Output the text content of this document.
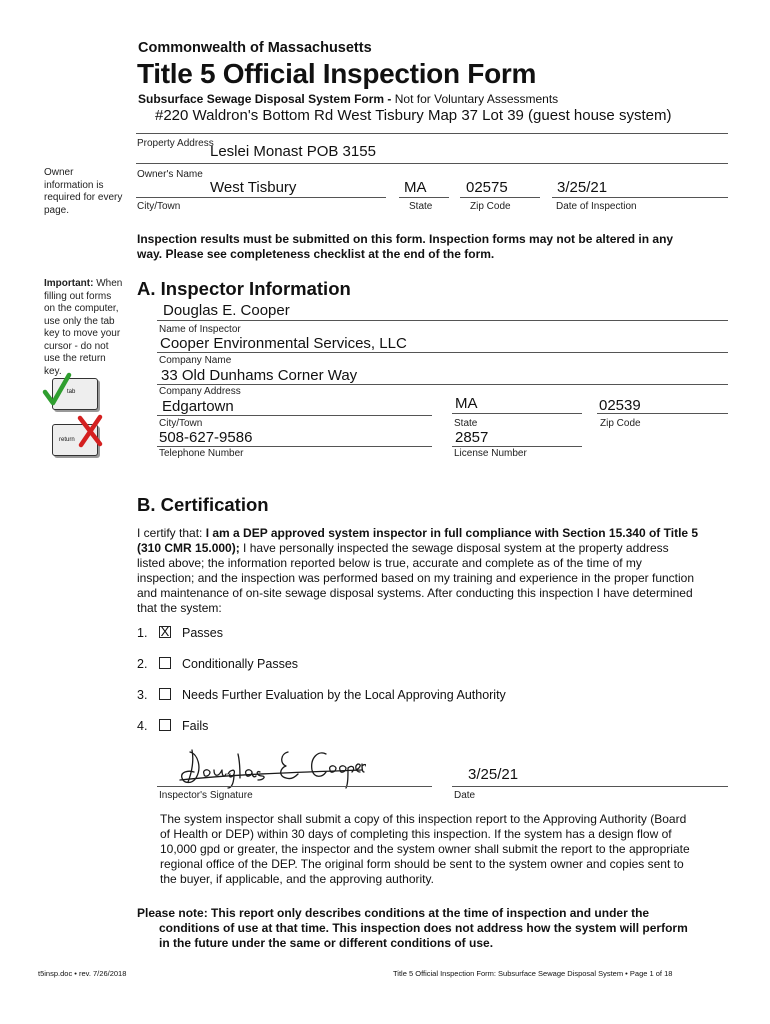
Commonwealth of Massachusetts
Title 5 Official Inspection Form
Subsurface Sewage Disposal System Form - Not for Voluntary Assessments
#220 Waldron's Bottom Rd West Tisbury Map 37 Lot 39 (guest house system)
Property Address
Leslei Monast POB 3155
Owner's Name
West Tisbury
City/Town
MA
State
02575
Zip Code
3/25/21
Date of Inspection
Owner
information is
required for every
page.
Important: When
filling out forms
on the computer,
use only the tab
key to move your
cursor - do not
use the return
key.
tab
return
Inspection results must be submitted on this form. Inspection forms may not be altered in any
way. Please see completeness checklist at the end of the form.
A. Inspector Information
Douglas E. Cooper
Name of Inspector
Cooper Environmental Services, LLC
Company Name
33 Old Dunhams Corner Way
Company Address
Edgartown
City/Town
MA
State
02539
Zip Code
508-627-9586
Telephone Number
2857
License Number
B. Certification
I certify that: I am a DEP approved system inspector in full compliance with Section 15.340 of Title 5
(310 CMR 15.000); I have personally inspected the sewage disposal system at the property address
listed above; the information reported below is true, accurate and complete as of the time of my
inspection; and the inspection was performed based on my training and experience in the proper function
and maintenance of on-site sewage disposal systems. After conducting this inspection I have determined
that the system:
1. X Passes
2.	Conditionally Passes
3.	Needs Further Evaluation by the Local Approving Authority
4.	Fails
Inspector's Signature
3/25/21
Date
The system inspector shall submit a copy of this inspection report to the Approving Authority (Board
of Health or DEP) within 30 days of completing this inspection. If the system has a design flow of
10,000 gpd or greater, the inspector and the system owner shall submit the report to the appropriate
regional office of the DEP. The original form should be sent to the system owner and copies sent to
the buyer, if applicable, and the approving authority.
Please note: This report only describes conditions at the time of inspection and under the
conditions of use at that time. This inspection does not address how the system will perform
in the future under the same or different conditions of use.
t5insp.doc • rev. 7/26/2018	Title 5 Official Inspection Form: Subsurface Sewage Disposal System • Page 1 of 18
